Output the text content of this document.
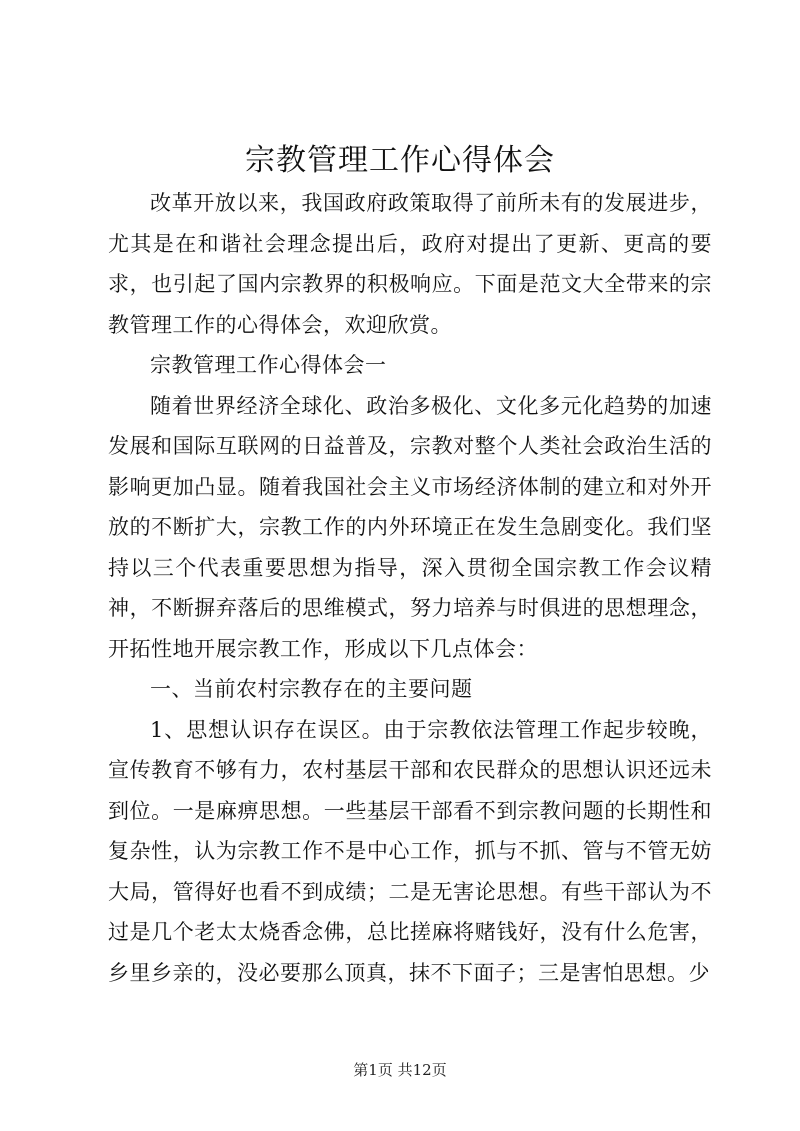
宗教管理工作心得体会

改革开放以来，我国政府政策取得了前所未有的发展进步，尤其是在和谐社会理念提出后，政府对提出了更新、更高的要求，也引起了国内宗教界的积极响应。下面是范文大全带来的宗教管理工作的心得体会，欢迎欣赏。

宗教管理工作心得体会一

随着世界经济全球化、政治多极化、文化多元化趋势的加速发展和国际互联网的日益普及，宗教对整个人类社会政治生活的影响更加凸显。随着我国社会主义市场经济体制的建立和对外开放的不断扩大，宗教工作的内外环境正在发生急剧变化。我们坚持以三个代表重要思想为指导，深入贯彻全国宗教工作会议精神，不断摒弃落后的思维模式，努力培养与时俱进的思想理念，开拓性地开展宗教工作，形成以下几点体会：

一、当前农村宗教存在的主要问题

1、思想认识存在误区。由于宗教依法管理工作起步较晚，宣传教育不够有力，农村基层干部和农民群众的思想认识还远未到位。一是麻痹思想。一些基层干部看不到宗教问题的长期性和复杂性，认为宗教工作不是中心工作，抓与不抓、管与不管无妨大局，管得好也看不到成绩；二是无害论思想。有些干部认为不过是几个老太太烧香念佛，总比搓麻将赌钱好，没有什么危害，乡里乡亲的，没必要那么顶真，抹不下面子；三是害怕思想。少

第1页 共12页
